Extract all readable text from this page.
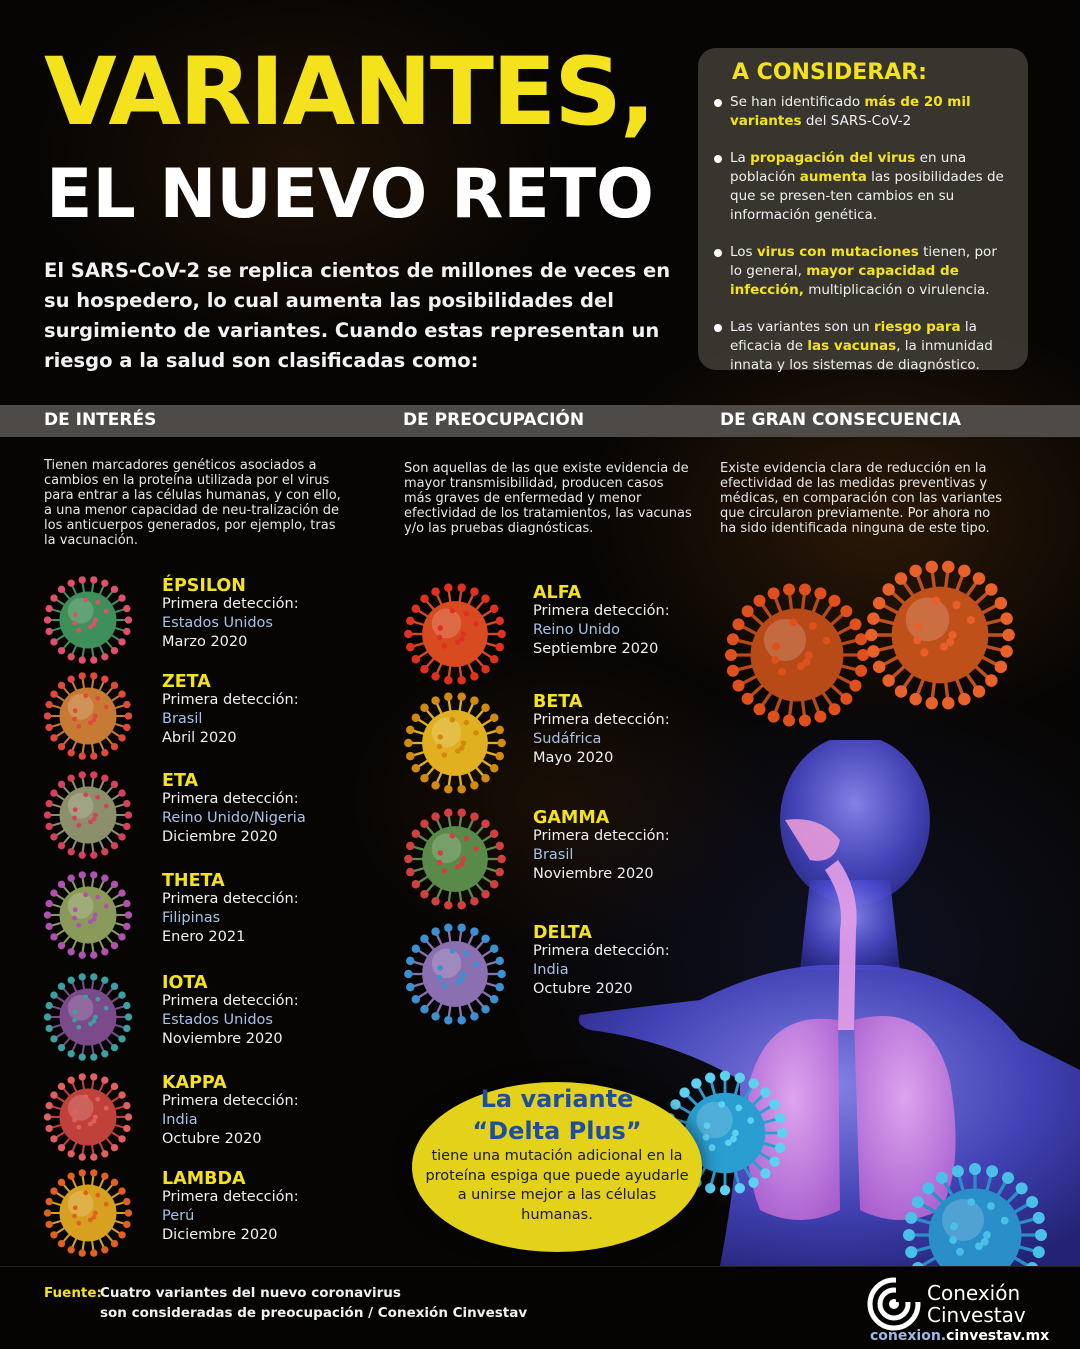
VARIANTES,
EL NUEVO RETO
El SARS-CoV-2 se replica cientos de millones de veces en su hospedero, lo cual aumenta las posibilidades del surgimiento de variantes. Cuando estas representan un riesgo a la salud son clasificadas como:
A CONSIDERAR:
Se han identificado más de 20 mil variantes del SARS-CoV-2
La propagación del virus en una población aumenta las posibilidades de que se presen-ten cambios en su información genética.
Los virus con mutaciones tienen, por lo general, mayor capacidad de infección, multiplicación o virulencia.
Las variantes son un riesgo para la eficacia de las vacunas, la inmunidad innata y los sistemas de diagnóstico.
DE INTERÉS	DE PREOCUPACIÓN	DE GRAN CONSECUENCIA
Tienen marcadores genéticos asociados a cambios en la proteína utilizada por el virus para entrar a las células humanas, y con ello, a una menor capacidad de neu-tralización de los anticuerpos generados, por ejemplo, tras la vacunación.
Son aquellas de las que existe evidencia de mayor transmisibilidad, producen casos más graves de enfermedad y menor efectividad de los tratamientos, las vacunas y/o las pruebas diagnósticas.
Existe evidencia clara de reducción en la efectividad de las medidas preventivas y médicas, en comparación con las variantes que circularon previamente. Por ahora no ha sido identificada ninguna de este tipo.
ÉPSILON
Primera detección:
Estados Unidos
Marzo 2020
ZETA
Primera detección:
Brasil
Abril 2020
ETA
Primera detección:
Reino Unido/Nigeria
Diciembre 2020
THETA
Primera detección:
Filipinas
Enero 2021
IOTA
Primera detección:
Estados Unidos
Noviembre 2020
KAPPA
Primera detección:
India
Octubre 2020
LAMBDA
Primera detección:
Perú
Diciembre 2020
ALFA
Primera detección:
Reino Unido
Septiembre 2020
BETA
Primera detección:
Sudáfrica
Mayo 2020
GAMMA
Primera detección:
Brasil
Noviembre 2020
DELTA
Primera detección:
India
Octubre 2020
La variante
“Delta Plus”
tiene una mutación adicional en la proteína espiga que puede ayudarle a unirse mejor a las células humanas.
Fuente:
Cuatro variantes del nuevo coronavirus
son consideradas de preocupación / Conexión Cinvestav
Conexión
Cinvestav
conexion.cinvestav.mx
